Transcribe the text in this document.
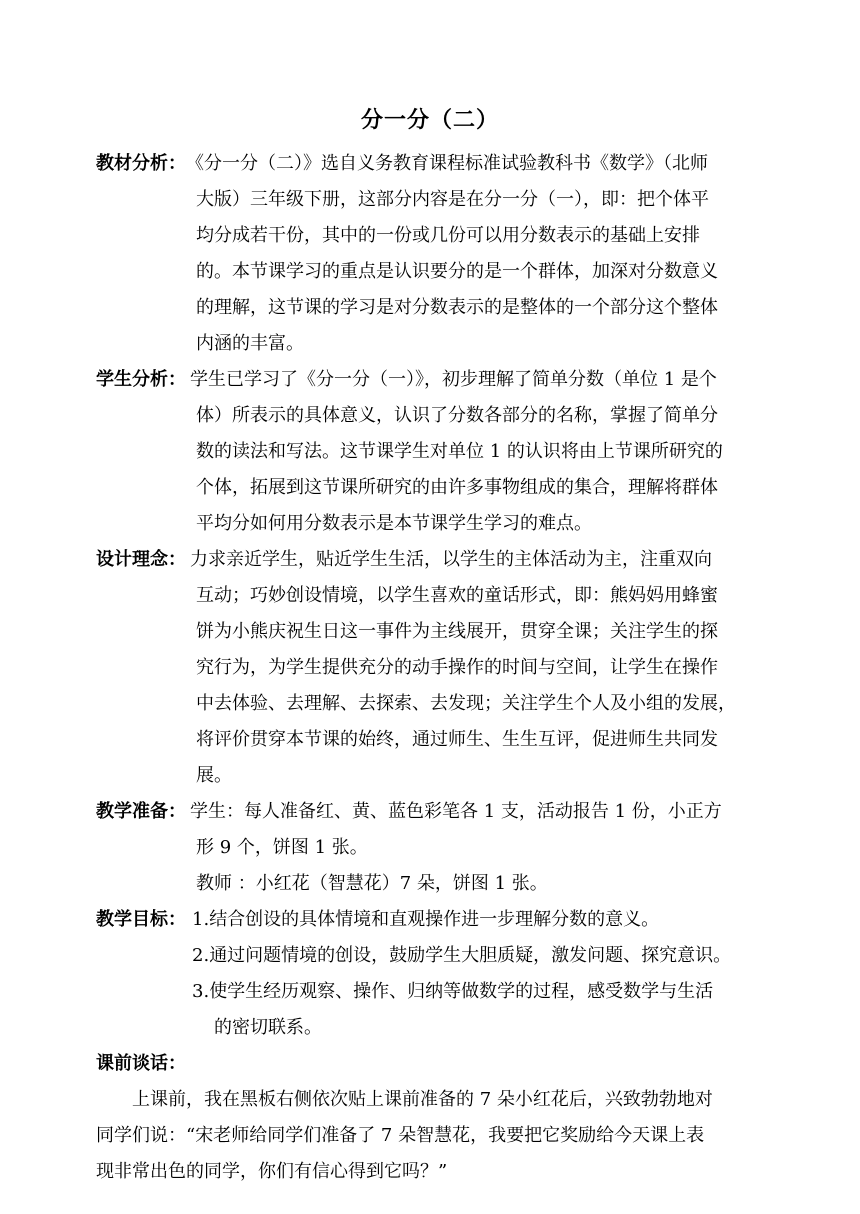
分一分（二）
教材分析： 《分一分（二）》选自义务教育课程标准试验教科书《数学》（北师
大版）三年级下册，这部分内容是在分一分（一），即：把个体平
均分成若干份，其中的一份或几份可以用分数表示的基础上安排
的。本节课学习的重点是认识要分的是一个群体，加深对分数意义
的理解，这节课的学习是对分数表示的是整体的一个部分这个整体
内涵的丰富。
学生分析： 学生已学习了《分一分（一）》，初步理解了简单分数（单位 1 是个
体）所表示的具体意义，认识了分数各部分的名称，掌握了简单分
数的读法和写法。这节课学生对单位 1 的认识将由上节课所研究的
个体，拓展到这节课所研究的由许多事物组成的集合，理解将群体
平均分如何用分数表示是本节课学生学习的难点。
设计理念： 力求亲近学生，贴近学生生活，以学生的主体活动为主，注重双向
互动；巧妙创设情境，以学生喜欢的童话形式，即：熊妈妈用蜂蜜
饼为小熊庆祝生日这一事件为主线展开，贯穿全课；关注学生的探
究行为，为学生提供充分的动手操作的时间与空间，让学生在操作
中去体验、去理解、去探索、去发现；关注学生个人及小组的发展，
将评价贯穿本节课的始终，通过师生、生生互评，促进师生共同发
展。
教学准备： 学生：每人准备红、黄、蓝色彩笔各 1 支，活动报告 1 份，小正方
形 9 个，饼图 1 张。
教师 ：小红花（智慧花）7 朵，饼图 1 张。
教学目标： 1.结合创设的具体情境和直观操作进一步理解分数的意义。
2.通过问题情境的创设，鼓励学生大胆质疑，激发问题、探究意识。
3.使学生经历观察、操作、归纳等做数学的过程，感受数学与生活
的密切联系。
课前谈话：
上课前，我在黑板右侧依次贴上课前准备的 7 朵小红花后，兴致勃勃地对
同学们说：“宋老师给同学们准备了 7 朵智慧花，我要把它奖励给今天课上表
现非常出色的同学，你们有信心得到它吗？”
